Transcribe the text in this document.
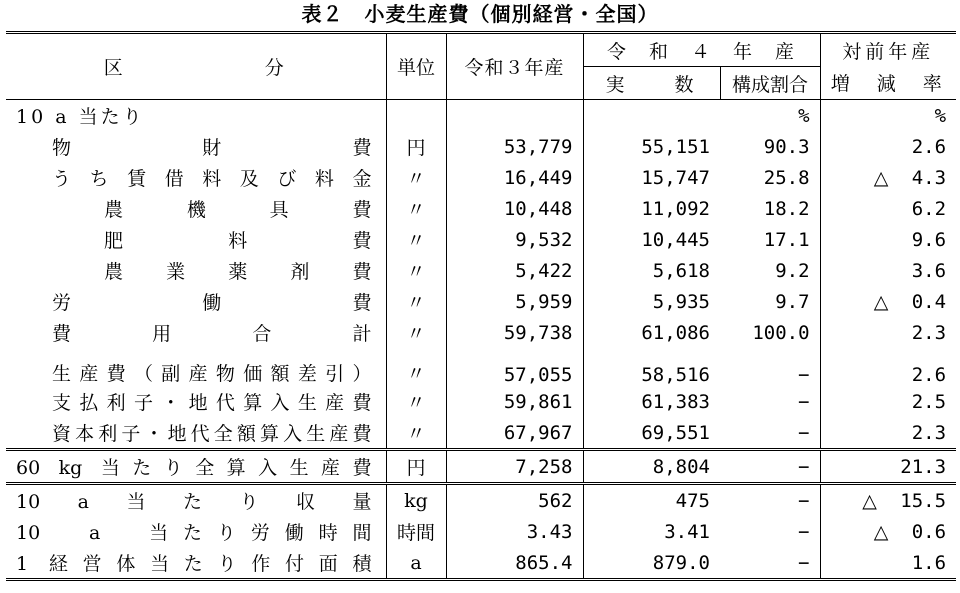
表２　小麦生産費（個別経営・全国）
区　　　　　　分	単位	令和３年産	令　和　４　年　産		対前年産
			実　　数	構成割合	増　減　率

10 a 当たり				%	%

物　財　費	円	53,779	55,151	90.3	2.6

うち賃借料及び料金	〃	16,449	15,747	25.8	△ 4.3

農機具費	〃	10,448	11,092	18.2	6.2

肥料費	〃	9,532	10,445	17.1	9.6

農業薬剤費	〃	5,422	5,618	9.2	3.6

労働費	〃	5,959	5,935	9.7	△ 0.4

費用合計	〃	59,738	61,086	100.0	2.3

生産費（副産物価額差引）	〃	57,055	58,516	−	2.6

支払利子・地代算入生産費	〃	59,861	61,383	−	2.5

資本利子・地代全額算入生産費	〃	67,967	69,551	−	2.3

60 kg 当たり全算入生産費	円	7,258	8,804	−	21.3

10　a　当　た　り　収　量	kg	562	475	−	△ 15.5

10　a　当たり労働時間	時間	3.43	3.41	−	△ 0.6

1 経営体当たり作付面積	a	865.4	879.0	−	1.6
